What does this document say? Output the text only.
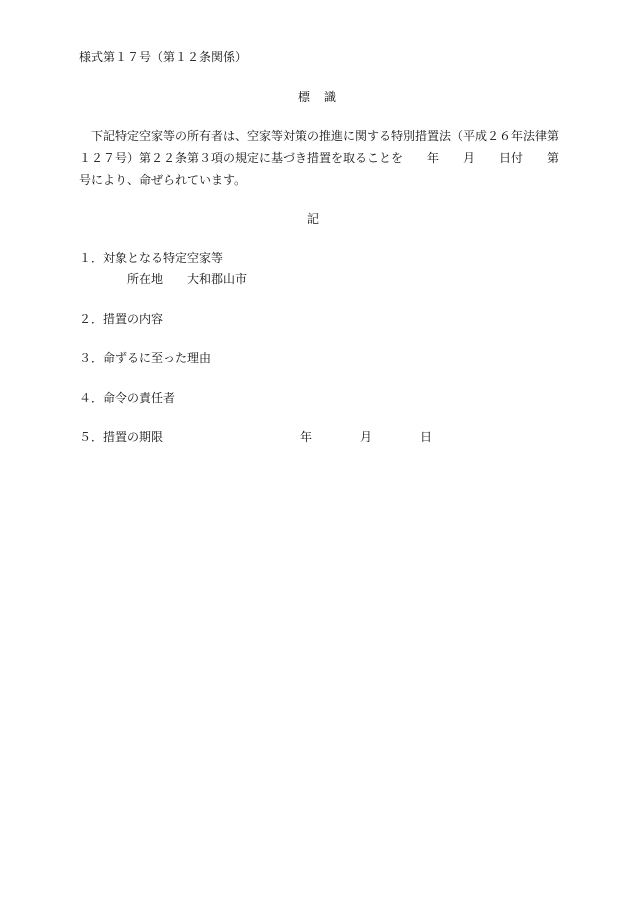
様式第１７号（第１２条関係）
標　識
　下記特定空家等の所有者は、空家等対策の推進に関する特別措置法（平成２６年法律第
１２７号）第２２条第３項の規定に基づき措置を取ることを　　年　　月　　日付　　第
号により、命ぜられています。
記
１．対象となる特定空家等
　　所在地　　大和郡山市
２．措置の内容
３．命ずるに至った理由
４．命令の責任者
５．措置の期限	年	月	日
